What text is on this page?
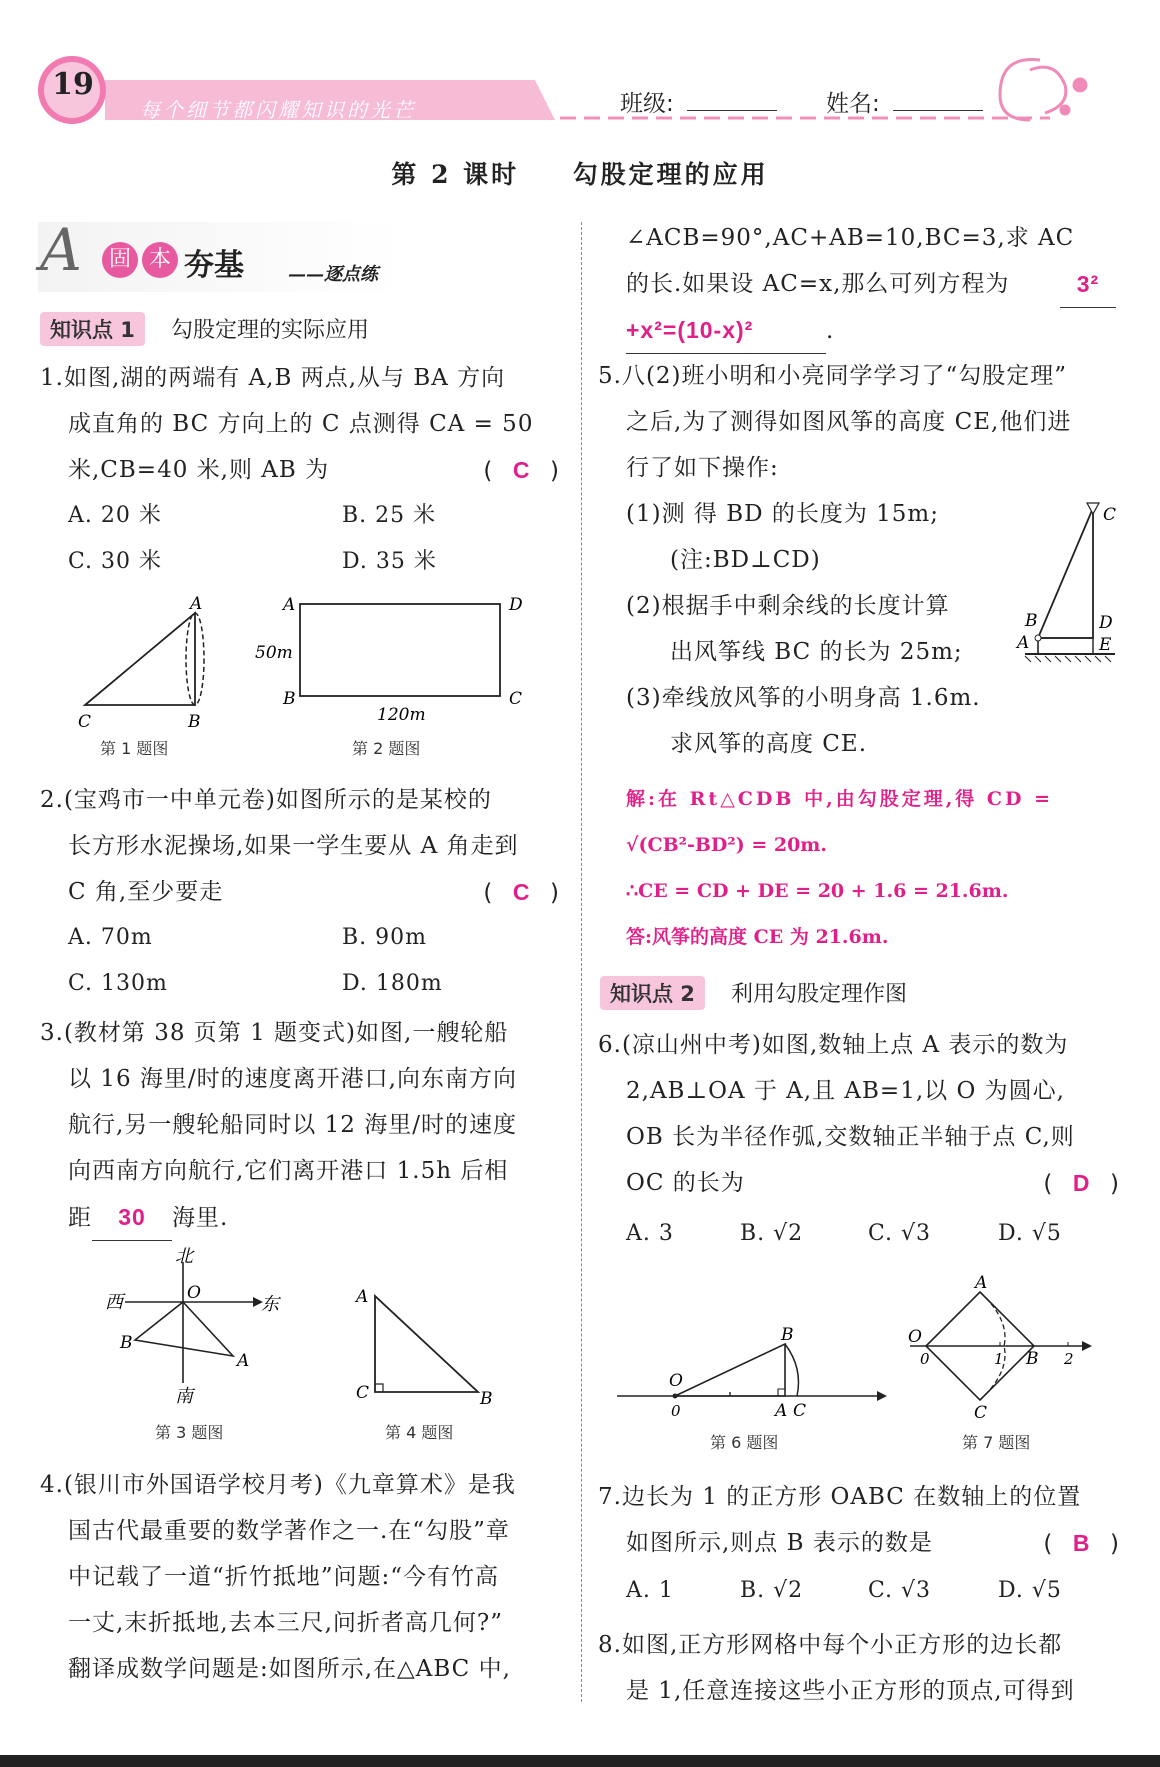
19
每个细节都闪耀知识的光芒	班级:	姓名:
第 2 课时 勾股定理的应用
A	固 本 夯基 ——逐点练
知识点 1 勾股定理的实际应用
1.如图,湖的两端有 A,B 两点,从与 BA 方向
成直角的 BC 方向上的 C 点测得 CA = 50
米,CB=40 米,则 AB 为	( C )
A. 20 米	B. 25 米
C. 30 米	D. 35 米
A
B
C
第 1 题图
A	D
B	C
50m
120m
第 2 题图
2.(宝鸡市一中单元卷)如图所示的是某校的
长方形水泥操场,如果一学生要从 A 角走到
C 角,至少要走	( C )
A. 70m	B. 90m
C. 130m	D. 180m
3.(教材第 38 页第 1 题变式)如图,一艘轮船
以 16 海里/时的速度离开港口,向东南方向
航行,另一艘轮船同时以 12 海里/时的速度
向西南方向航行,它们离开港口 1.5h 后相
距 30 海里.
北
西	东
南
O
A
B
第 3 题图
A
C	B
第 4 题图
4.(银川市外国语学校月考)《九章算术》是我
国古代最重要的数学著作之一.在“勾股”章
中记载了一道“折竹抵地”问题:“今有竹高
一丈,末折抵地,去本三尺,问折者高几何?”
翻译成数学问题是:如图所示,在△ABC 中,
∠ACB=90°,AC+AB=10,BC=3,求 AC
的长.如果设 AC=x,那么可列方程为	3²
+x²=(10-x)²	.
5.八(2)班小明和小亮同学学习了“勾股定理”
之后,为了测得如图风筝的高度 CE,他们进
行了如下操作:
(1)测 得 BD 的长度为 15m;
(注:BD⊥CD)
(2)根据手中剩余线的长度计算
出风筝线 BC 的长为 25m;
(3)牵线放风筝的小明身高 1.6m.
求风筝的高度 CE.
C
B	D
A	E
解:在 Rt△CDB 中,由勾股定理,得 CD =
√(CB²-BD²) = 20m.
∴CE = CD + DE = 20 + 1.6 = 21.6m.
答:风筝的高度 CE 为 21.6m.
知识点 2 利用勾股定理作图
6.(凉山州中考)如图,数轴上点 A 表示的数为
2,AB⊥OA 于 A,且 AB=1,以 O 为圆心,
OB 长为半径作弧,交数轴正半轴于点 C,则
OC 的长为	( D )
A. 3	B. √2	C. √3	D. √5
O
0	A C
B
第 6 题图
O
0	1	2
A
B
C
第 7 题图
7.边长为 1 的正方形 OABC 在数轴上的位置
如图所示,则点 B 表示的数是	( B )
A. 1	B. √2	C. √3	D. √5
8.如图,正方形网格中每个小正方形的边长都
是 1,任意连接这些小正方形的顶点,可得到
